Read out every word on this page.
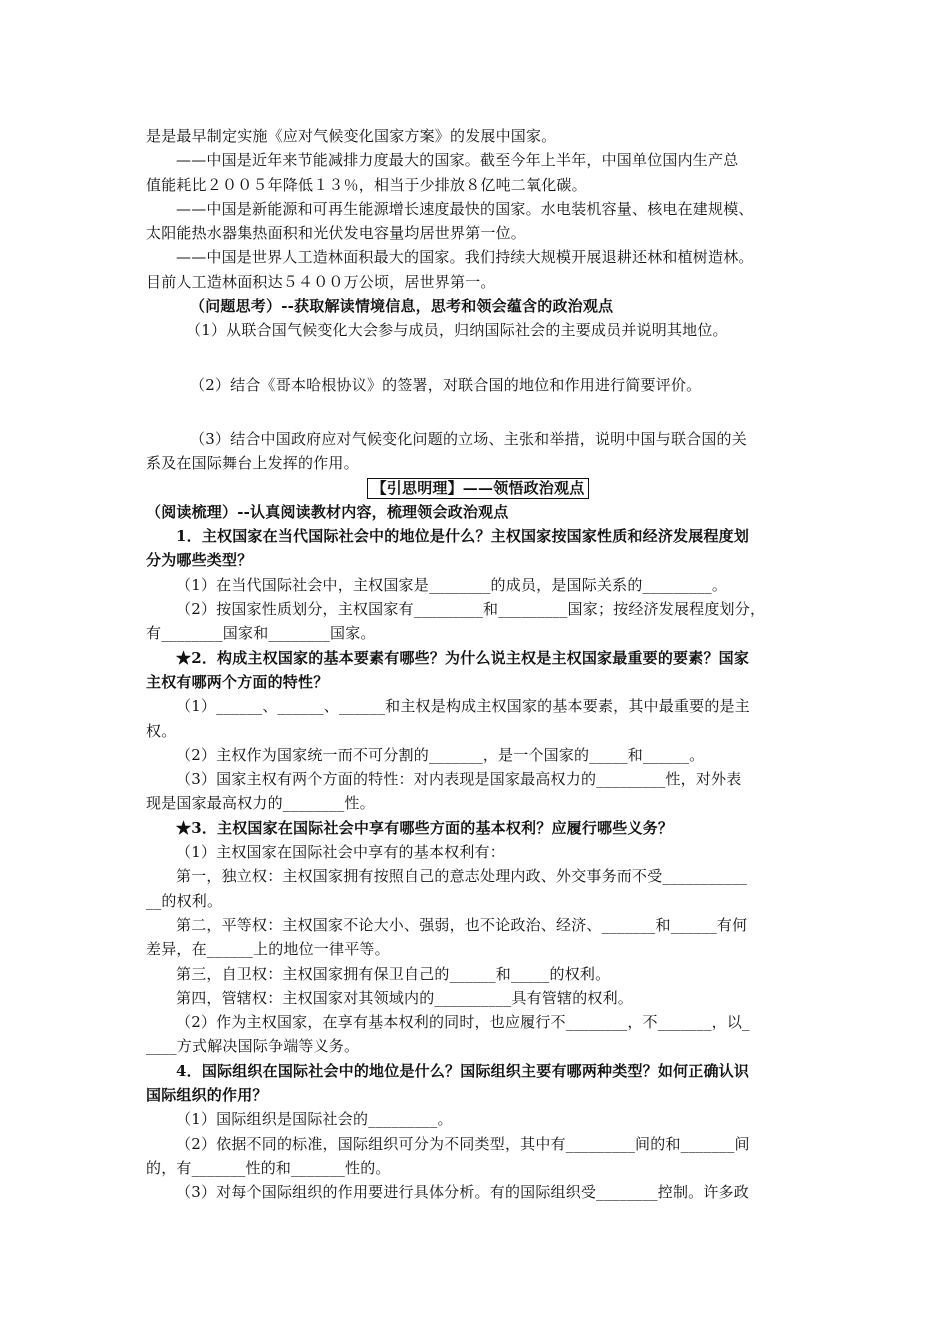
是是最早制定实施《应对气候变化国家方案》的发展中国家。
——中国是近年来节能减排力度最大的国家。截至今年上半年，中国单位国内生产总
值能耗比２００５年降低１３％，相当于少排放８亿吨二氧化碳。
——中国是新能源和可再生能源增长速度最快的国家。水电装机容量、核电在建规模、
太阳能热水器集热面积和光伏发电容量均居世界第一位。
——中国是世界人工造林面积最大的国家。我们持续大规模开展退耕还林和植树造林。
目前人工造林面积达５４００万公顷，居世界第一。
（问题思考）--获取解读情境信息，思考和领会蕴含的政治观点
（1）从联合国气候变化大会参与成员，归纳国际社会的主要成员并说明其地位。
（2）结合《哥本哈根协议》的签署，对联合国的地位和作用进行简要评价。
（3）结合中国政府应对气候变化问题的立场、主张和举措，说明中国与联合国的关
系及在国际舞台上发挥的作用。
【引思明理】——领悟政治观点
（阅读梳理）--认真阅读教材内容，梳理领会政治观点
1．主权国家在当代国际社会中的地位是什么？主权国家按国家性质和经济发展程度划
分为哪些类型？
（1）在当代国际社会中，主权国家是________的成员，是国际关系的_________。
（2）按国家性质划分，主权国家有_________和_________国家；按经济发展程度划分，
有________国家和________国家。
★2．构成主权国家的基本要素有哪些？为什么说主权是主权国家最重要的要素？国家
主权有哪两个方面的特性？
（1）______、______、______和主权是构成主权国家的基本要素，其中最重要的是主
权。
（2）主权作为国家统一而不可分割的_______，是一个国家的_____和______。
（3）国家主权有两个方面的特性：对内表现是国家最高权力的_________性，对外表
现是国家最高权力的________性。
★3．主权国家在国际社会中享有哪些方面的基本权利？应履行哪些义务？
（1）主权国家在国际社会中享有的基本权利有：
第一，独立权：主权国家拥有按照自己的意志处理内政、外交事务而不受___________
__的权利。
第二，平等权：主权国家不论大小、强弱，也不论政治、经济、_______和______有何
差异，在______上的地位一律平等。
第三，自卫权：主权国家拥有保卫自己的______和_____的权利。
第四，管辖权：主权国家对其领域内的__________具有管辖的权利。
（2）作为主权国家，在享有基本权利的同时，也应履行不________，不_______，以_
____方式解决国际争端等义务。
4．国际组织在国际社会中的地位是什么？国际组织主要有哪两种类型？如何正确认识
国际组织的作用？
（1）国际组织是国际社会的_________。
（2）依据不同的标准，国际组织可分为不同类型，其中有_________间的和_______间
的，有_______性的和_______性的。
（3）对每个国际组织的作用要进行具体分析。有的国际组织受________控制。许多政
